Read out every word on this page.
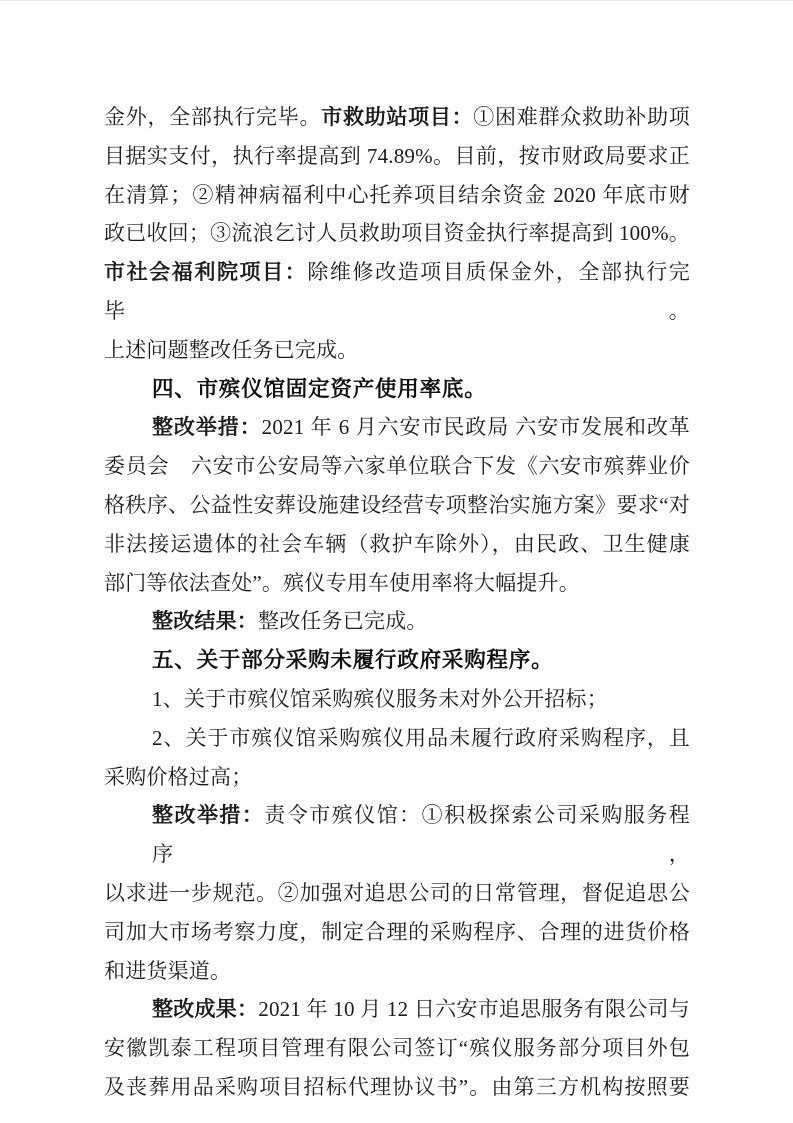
金外，全部执行完毕。市救助站项目：①困难群众救助补助项
目据实支付，执行率提高到 74.89%。目前，按市财政局要求正
在清算；②精神病福利中心托养项目结余资金 2020 年底市财
政已收回；③流浪乞讨人员救助项目资金执行率提高到 100%。
市社会福利院项目：除维修改造项目质保金外，全部执行完毕。
上述问题整改任务已完成。
四、市殡仪馆固定资产使用率底。
整改举措：2021 年 6 月六安市民政局 六安市发展和改革
委员会　六安市公安局等六家单位联合下发《六安市殡葬业价
格秩序、公益性安葬设施建设经营专项整治实施方案》要求“对
非法接运遗体的社会车辆（救护车除外），由民政、卫生健康
部门等依法查处”。殡仪专用车使用率将大幅提升。
整改结果：整改任务已完成。
五、关于部分采购未履行政府采购程序。
1、关于市殡仪馆采购殡仪服务未对外公开招标；
2、关于市殡仪馆采购殡仪用品未履行政府采购程序，且
采购价格过高；
整改举措：责令市殡仪馆：①积极探索公司采购服务程序，
以求进一步规范。②加强对追思公司的日常管理，督促追思公
司加大市场考察力度，制定合理的采购程序、合理的进货价格
和进货渠道。
整改成果：2021 年 10 月 12 日六安市追思服务有限公司与
安徽凯泰工程项目管理有限公司签订“殡仪服务部分项目外包
及丧葬用品采购项目招标代理协议书”。由第三方机构按照要
